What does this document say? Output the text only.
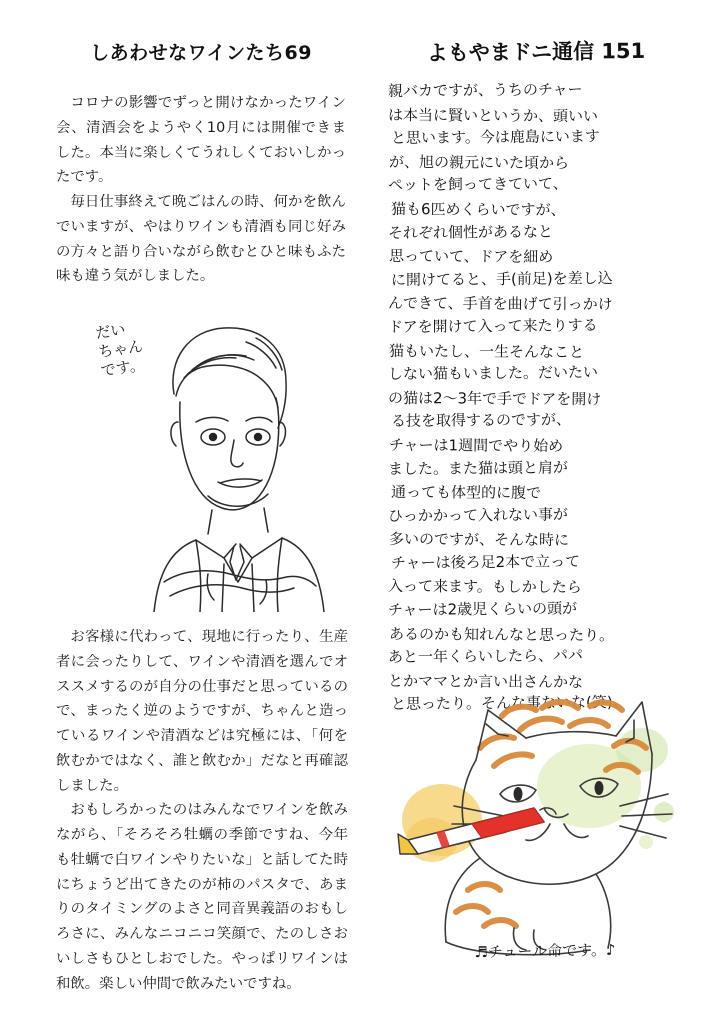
しあわせなワインたち69

コロナの影響でずっと開けなかったワイン会、清酒会をようやく10月には開催できました。本当に楽しくてうれしくておいしかったです。

毎日仕事終えて晩ごはんの時、何かを飲んでいますが、やはりワインも清酒も同じ好みの方々と語り合いながら飲むとひと味もふた味も違う気がしました。

だい
ちゃん
です。

お客様に代わって、現地に行ったり、生産者に会ったりして、ワインや清酒を選んでオススメするのが自分の仕事だと思っているので、まったく逆のようですが、ちゃんと造っているワインや清酒などは究極には、「何を飲むかではなく、誰と飲むか」だなと再確認しました。

おもしろかったのはみんなでワインを飲みながら、「そろそろ牡蠣の季節ですね、今年も牡蠣で白ワインやりたいな」と話してた時にちょうど出てきたのが柿のパスタで、あまりのタイミングのよさと同音異義語のおもしろさに、みんなニコニコ笑顔で、たのしさおいしさもひとしおでした。やっぱリワインは和飲。楽しい仲間で飲みたいですね。

よもやまドニ通信 151
親バカですが、うちのチャー
は本当に賢いというか、頭いい
と思います。今は鹿島にいます
が、旭の親元にいた頃から
ペットを飼ってきていて、
猫も6匹めくらいですが、
それぞれ個性があるなと
思っていて、ドアを細め
に開けてると、手(前足)を差し込
んできて、手首を曲げて引っかけ
ドアを開けて入って来たりする
猫もいたし、一生そんなこと
しない猫もいました。だいたい
の猫は2〜3年で手でドアを開け
る技を取得するのですが、
チャーは1週間でやり始め
ました。また猫は頭と肩が
通っても体型的に腹で
ひっかかって入れない事が
多いのですが、そんな時に
チャーは後ろ足2本で立って
入って来ます。もしかしたら
チャーは2歳児くらいの頭が
あるのかも知れんなと思ったり。
あと一年くらいしたら、パパ
とかママとか言い出さんかな
と思ったり。そんな事ないな(笑)。
♬チュール命です。♪
